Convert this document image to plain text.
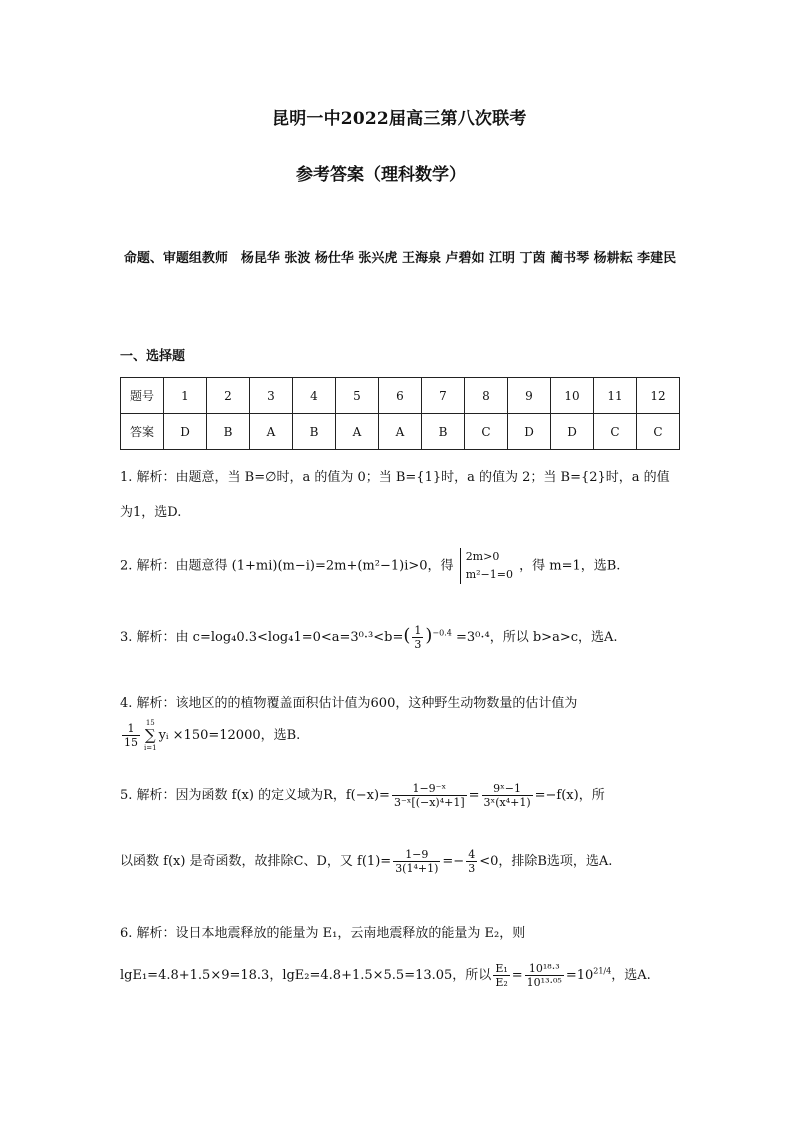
昆明一中2022届高三第八次联考
参考答案（理科数学）
命题、审题组教师　杨昆华 张波 杨仕华 张兴虎 王海泉 卢碧如 江明 丁茵 蔺书琴 杨耕耘 李建民
一、选择题
题号	1	2	3	4	5	6	7	8	9	10	11	12
答案	D	B	A	B	A	A	B	C	D	D	C	C
1. 解析：由题意，当 B=∅时，a 的值为 0；当 B={1}时，a 的值为 2；当 B={2}时，a 的值
为1，选D.
2. 解析：由题意得 (1+mi)(m−i)=2m+(m²−1)i>0，得
2m>0
m²−1=0
，得 m=1，选B.
3. 解析：由 $c=\log_40.3<\log_41=0<a=3^0\cdot^3<b=( \frac{1}{3} )^{-0.4} =3^0\cdot^4$，所以 b>a>c，选A.
4. 解析：该地区的的植物覆盖面积估计值为600，这种野生动物数量的估计值为
$\frac{1}{15} 15$
∑
i=1
yᵢ ×150=12000，选B.
5. 解析：因为函数 f(x) 的定义域为R，$f(-x)= \frac{\text{1−9⁻ˣ}}{\text{3⁻ˣ[(−x)⁴+1]}} = \frac{\text{9ˣ−1}}{\text{3ˣ(x⁴+1)}} =-f(x)$，所
以函数 f(x) 是奇函数，故排除C、D，又 $f(1)= \frac{1-9}{\text{3(1⁴+1)}} =- \frac{4}{3} <0$，排除B选项，选A.
6. 解析：设日本地震释放的能量为 E₁，云南地震释放的能量为 E₂，则
lgE₁=4.8+1.5×9=18.3，lgE₂=4.8+1.5×5.5=13.05，所以 $\frac{\text{E₁}}{\text{E₂}} = \frac{\text{10¹⁸·³}}{\text{10¹³·⁰⁵}} =10^{21/4}$，选A.
